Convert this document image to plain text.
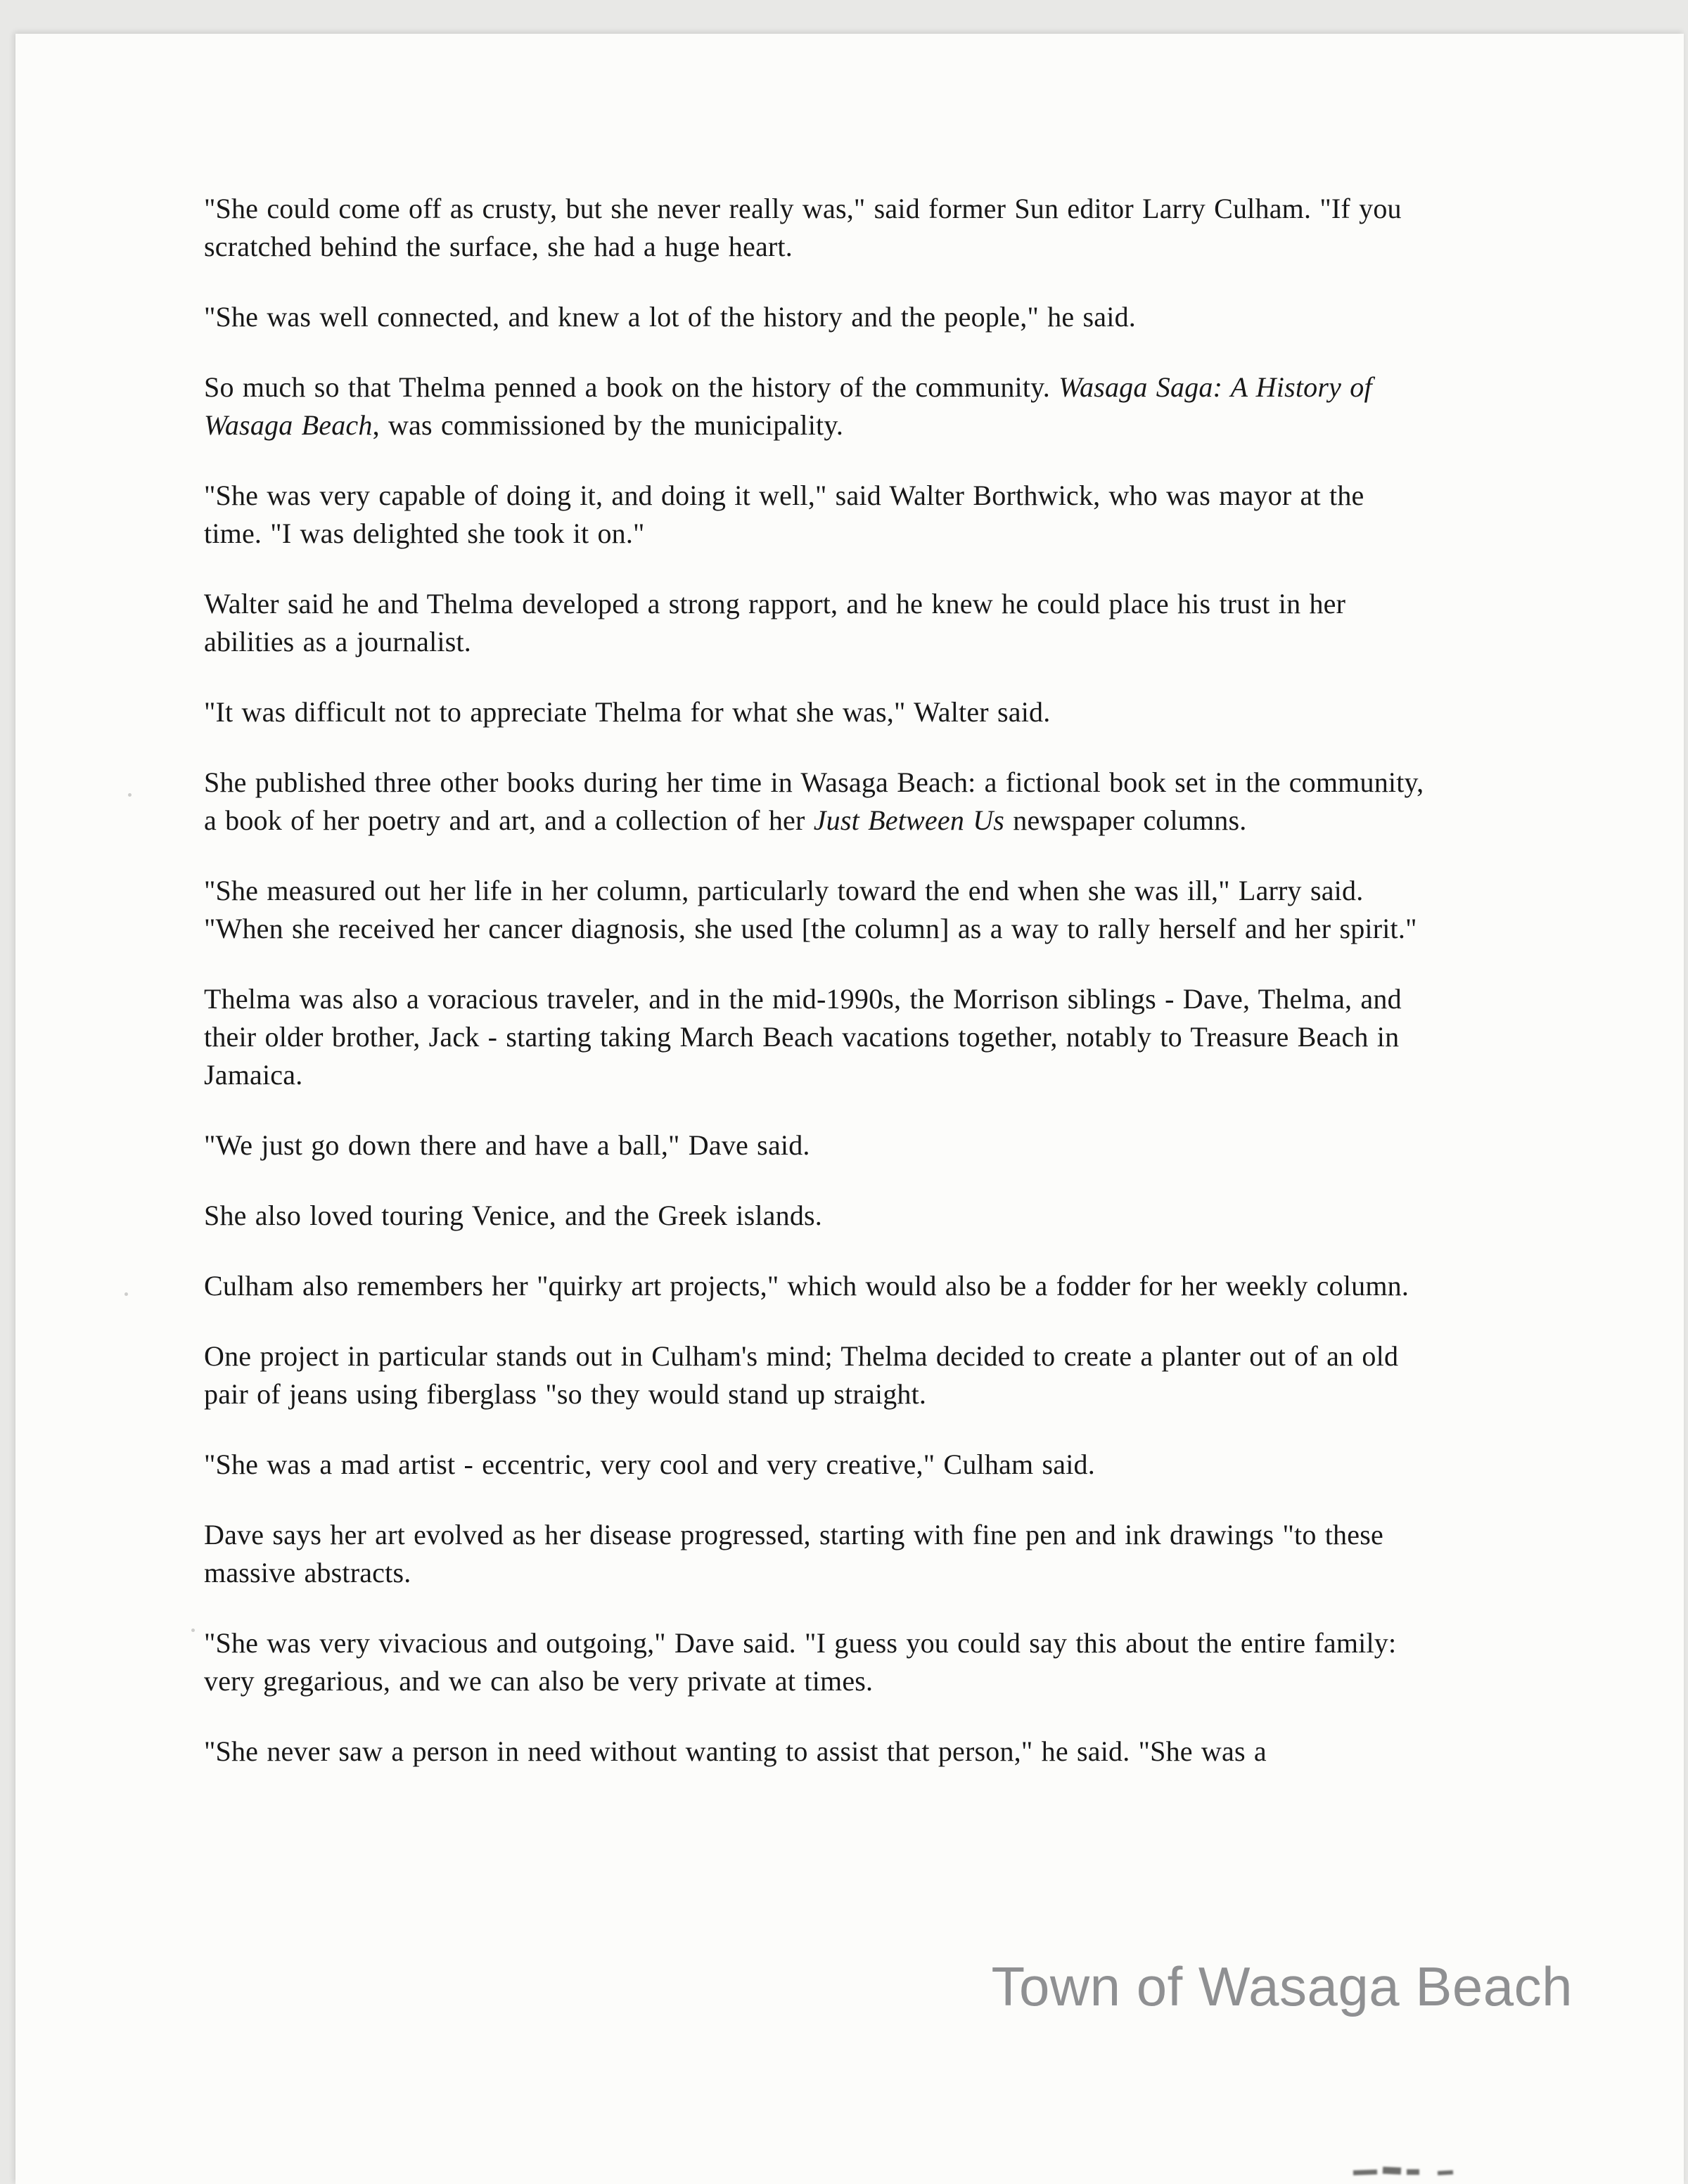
"She could come off as crusty, but she never really was," said former Sun editor Larry Culham. "If you scratched behind the surface, she had a huge heart.

"She was well connected, and knew a lot of the history and the people," he said.

So much so that Thelma penned a book on the history of the community. Wasaga Saga: A History of Wasaga Beach, was commissioned by the municipality.

"She was very capable of doing it, and doing it well," said Walter Borthwick, who was mayor at the time. "I was delighted she took it on."

Walter said he and Thelma developed a strong rapport, and he knew he could place his trust in her abilities as a journalist.

"It was difficult not to appreciate Thelma for what she was," Walter said.

She published three other books during her time in Wasaga Beach: a fictional book set in the community, a book of her poetry and art, and a collection of her Just Between Us newspaper columns.

"She measured out her life in her column, particularly toward the end when she was ill," Larry said. "When she received her cancer diagnosis, she used [the column] as a way to rally herself and her spirit."

Thelma was also a voracious traveler, and in the mid-1990s, the Morrison siblings - Dave, Thelma, and their older brother, Jack - starting taking March Beach vacations together, notably to Treasure Beach in Jamaica.

"We just go down there and have a ball," Dave said.

She also loved touring Venice, and the Greek islands.

Culham also remembers her "quirky art projects," which would also be a fodder for her weekly column.

One project in particular stands out in Culham's mind; Thelma decided to create a planter out of an old pair of jeans using fiberglass "so they would stand up straight.

"She was a mad artist - eccentric, very cool and very creative," Culham said.

Dave says her art evolved as her disease progressed, starting with fine pen and ink drawings "to these massive abstracts.

"She was very vivacious and outgoing," Dave said. "I guess you could say this about the entire family: very gregarious, and we can also be very private at times.

"She never saw a person in need without wanting to assist that person," he said. "She was a

Town of Wasaga Beach
